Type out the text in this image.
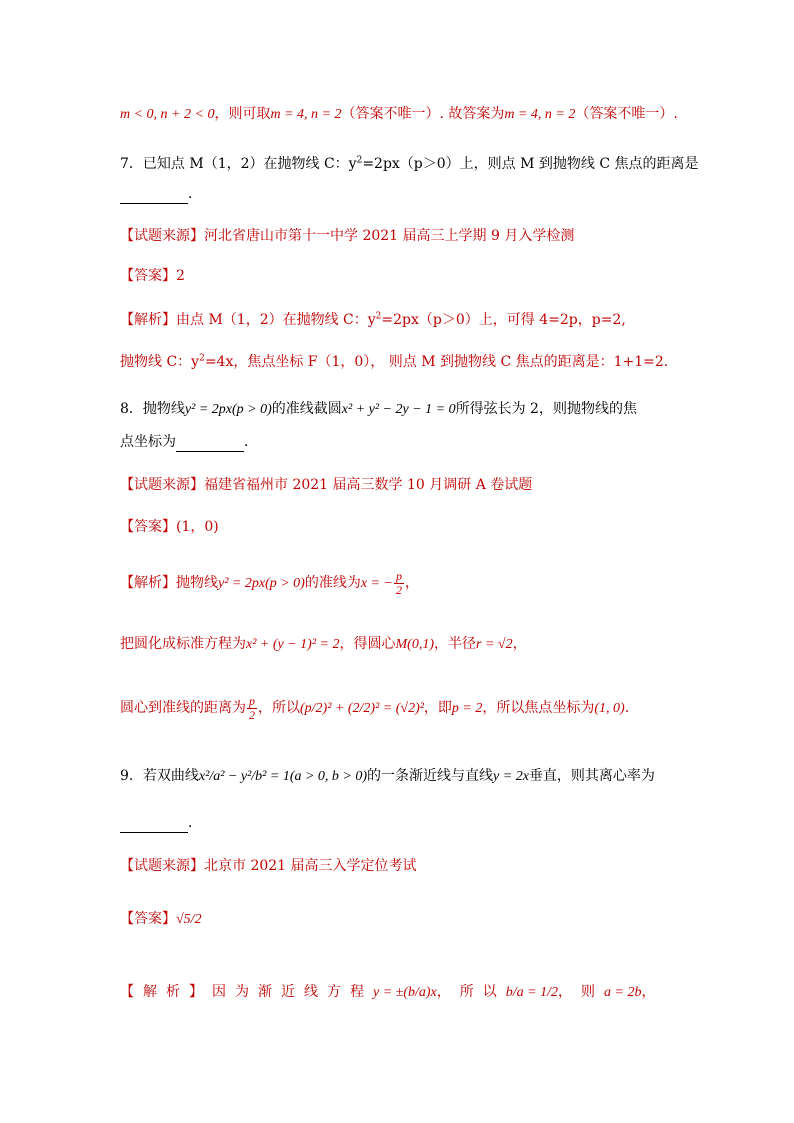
m < 0, n + 2 < 0，则可取m = 4, n = 2（答案不唯一）. 故答案为m = 4, n = 2（答案不唯一）.
7．已知点 M（1，2）在抛物线 C：$y^2=2px(p>0)$上，则点 M 到抛物线 C 焦点的距离是
．
【试题来源】河北省唐山市第十一中学 2021 届高三上学期 9 月入学检测
【答案】2
【解析】由点 M（1，2）在抛物线 C：$y^2=2px(p>0)$上，可得 4=2p，p=2,
抛物线 C：$y^2=4x$，焦点坐标 F（1，0）， 则点 M 到抛物线 C 焦点的距离是：1+1=2.
8．抛物线y² = 2px(p > 0)的准线截圆x² + y² − 2y − 1 = 0所得弦长为 2，则抛物线的焦
点坐标为	．
【试题来源】福建省福州市 2021 届高三数学 10 月调研 A 卷试题
【答案】(1，0)
【解析】抛物线y² = 2px(p > 0)的准线为x = − $\frac{p}{2}$ ，
把圆化成标准方程为x² + (y − 1)² = 2，得圆心M(0,1)，半径r = √2，
圆心到准线的距离为 $\frac{p}{2}$ ，所以(p/2)² + (2/2)² = (√2)²，即p = 2，所以焦点坐标为(1, 0).
9．若双曲线x²/a² − y²/b² = 1(a > 0, b > 0)的一条渐近线与直线y = 2x垂直，则其离心率为
．
【试题来源】北京市 2021 届高三入学定位考试
【答案】√5/2
【解析】因为渐近线方程y = ±(b/a)x，所以b/a = 1/2，则a = 2b，
